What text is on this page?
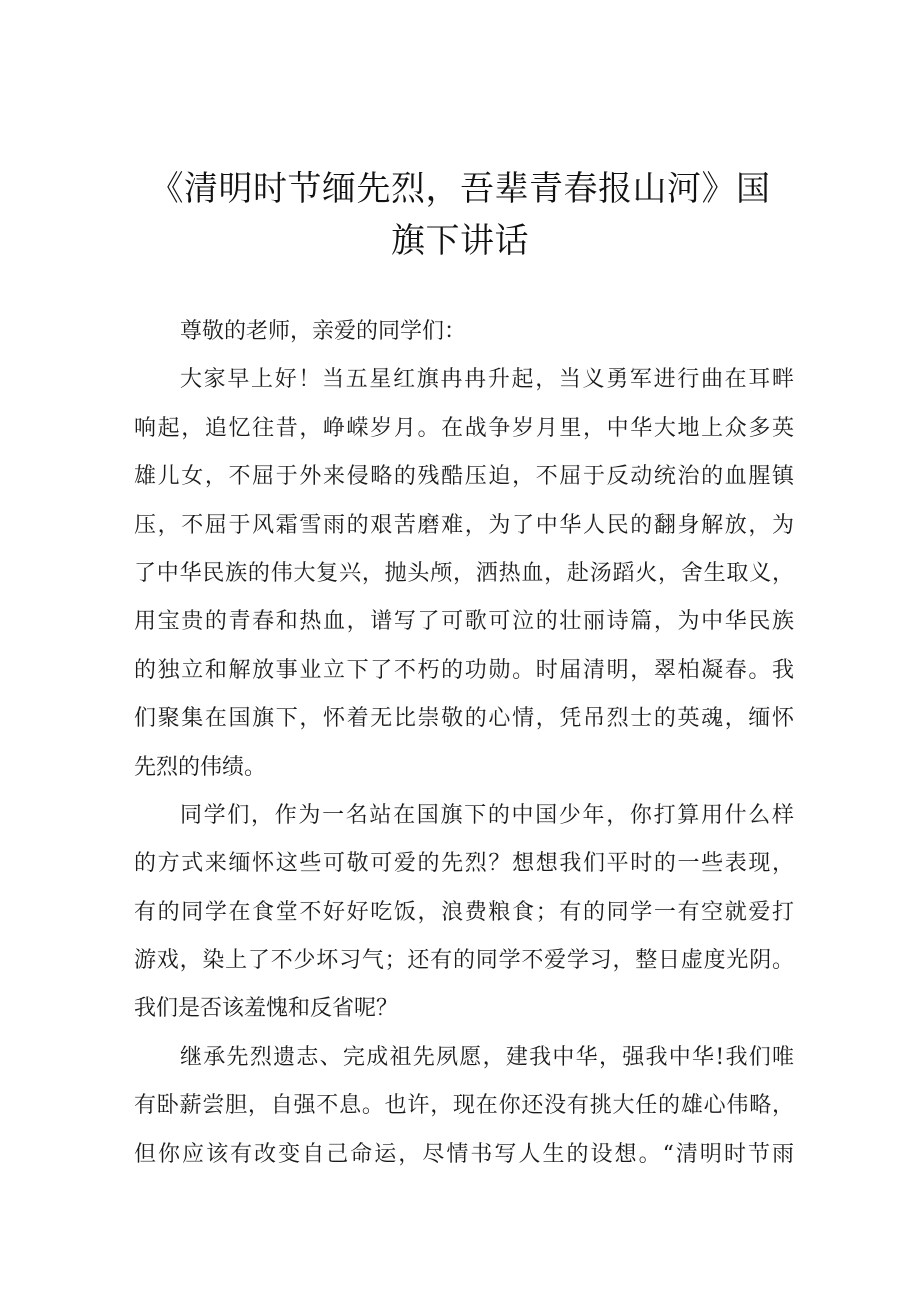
《清明时节缅先烈，吾辈青春报山河》国
旗下讲话
尊敬的老师，亲爱的同学们：
大家早上好！当五星红旗冉冉升起，当义勇军进行曲在耳畔
响起，追忆往昔，峥嵘岁月。在战争岁月里，中华大地上众多英
雄儿女，不屈于外来侵略的残酷压迫，不屈于反动统治的血腥镇
压，不屈于风霜雪雨的艰苦磨难，为了中华人民的翻身解放，为
了中华民族的伟大复兴，抛头颅，洒热血，赴汤蹈火，舍生取义，
用宝贵的青春和热血，谱写了可歌可泣的壮丽诗篇，为中华民族
的独立和解放事业立下了不朽的功勋。时届清明，翠柏凝春。我
们聚集在国旗下，怀着无比崇敬的心情，凭吊烈士的英魂，缅怀
先烈的伟绩。
同学们，作为一名站在国旗下的中国少年，你打算用什么样
的方式来缅怀这些可敬可爱的先烈？想想我们平时的一些表现，
有的同学在食堂不好好吃饭，浪费粮食；有的同学一有空就爱打
游戏，染上了不少坏习气；还有的同学不爱学习，整日虚度光阴。
我们是否该羞愧和反省呢？
继承先烈遗志、完成祖先夙愿，建我中华，强我中华!我们唯
有卧薪尝胆，自强不息。也许，现在你还没有挑大任的雄心伟略，
但你应该有改变自己命运，尽情书写人生的设想。“清明时节雨
